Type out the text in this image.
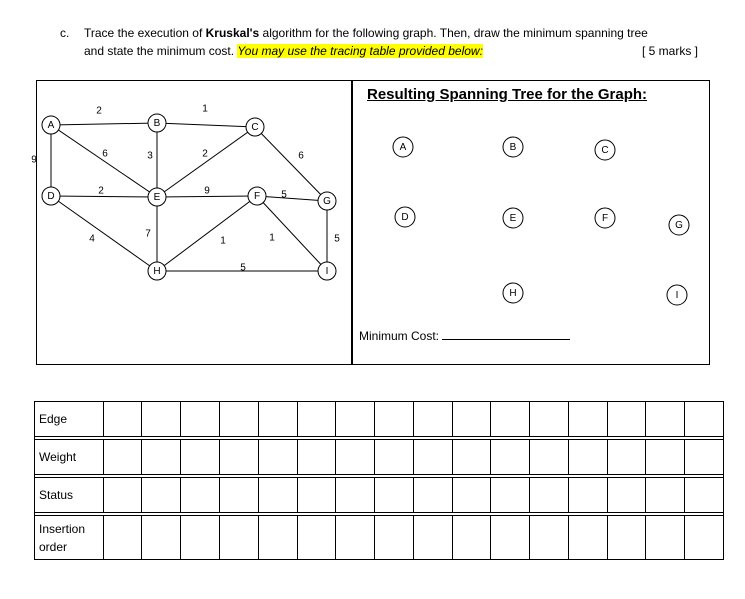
c. Trace the execution of Kruskal's algorithm for the following graph. Then, draw the minimum spanning tree
and state the minimum cost. You may use the tracing table provided below:	[ 5 marks ]
2	1
9
6	3	2	6
2	9	5
4	7
1	1	5
5
A	B	C
D	E	F	G
H	I
Resulting Spanning Tree for the Graph:
A	B	C
D	E	F
G
H	I
Minimum Cost:
Edge																

Weight																

Status																

Insertion
order																
